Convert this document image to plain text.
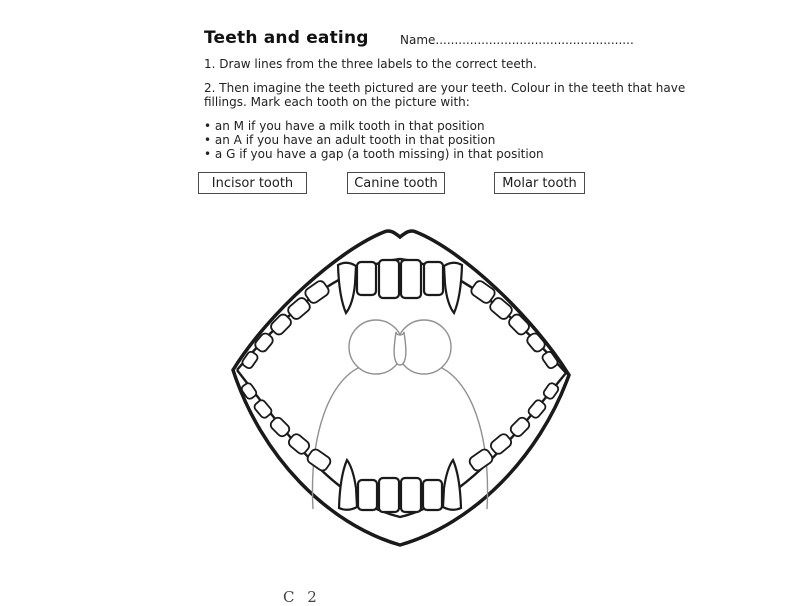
Teeth and eating	Name....................................................
1. Draw lines from the three labels to the correct teeth.
2. Then imagine the teeth pictured are your teeth. Colour in the teeth that have
fillings. Mark each tooth on the picture with:
• an M if you have a milk tooth in that position
• an A if you have an adult tooth in that position
• a G if you have a gap (a tooth missing) in that position
Incisor tooth	Canine tooth	Molar tooth
C 2
